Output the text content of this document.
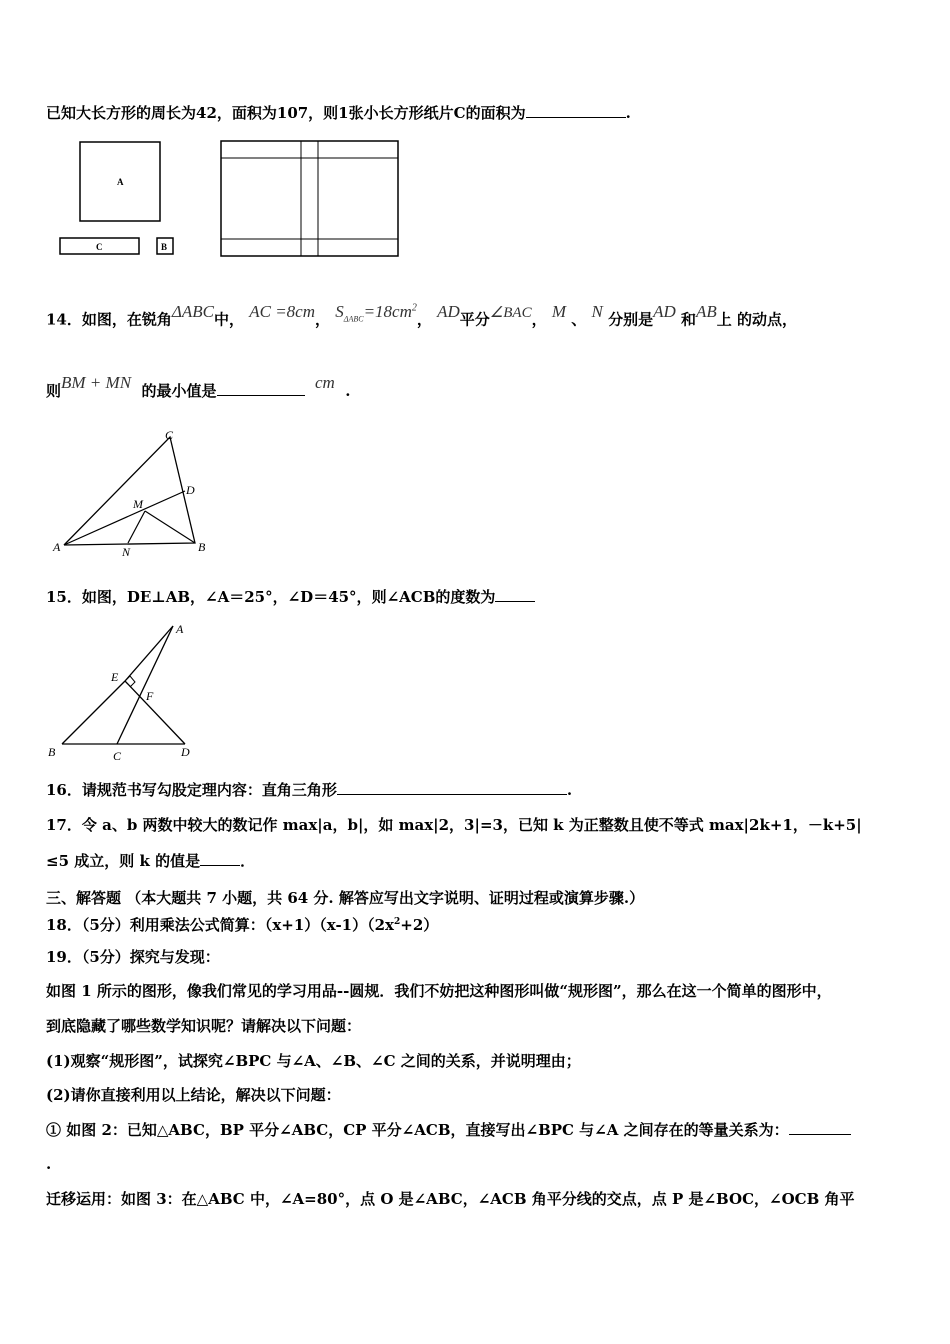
已知大长方形的周长为42，面积为107，则1张小长方形纸片C的面积为	.
A
C	B
14．如图，在锐角ΔABC中， AC =8cm， $S_{\Delta ABC}=18cm^2$， AD平分∠BAC， M 、 N 分别是AD 和AB上 的动点，
则BM + MN 的最小值是	cm .
C
D
M
A	N	B
15．如图，DE⊥AB，∠A＝25°，∠D＝45°，则∠ACB的度数为
A
E
F
B	C	D
16．请规范书写勾股定理内容：直角三角形	.
17．令 a、b 两数中较大的数记作 max|a，b|，如 max|2，3|=3，已知 k 为正整数且使不等式 max|2k+1，－k+5|
≤5 成立，则 k 的值是	．
三、解答题 （本大题共 7 小题，共 64 分. 解答应写出文字说明、证明过程或演算步骤.）
18．（5分）利用乘法公式简算：$(x+1)(x-1)(2x^2+2)$
19．（5分）探究与发现：
如图 1 所示的图形，像我们常见的学习用品--圆规．我们不妨把这种图形叫做“规形图”，那么在这一个简单的图形中，
到底隐藏了哪些数学知识呢？请解决以下问题：
(1)观察“规形图”，试探究∠BPC 与∠A、∠B、∠C 之间的关系，并说明理由；
(2)请你直接利用以上结论，解决以下问题：
① 如图 2：已知△ABC，BP 平分∠ABC，CP 平分∠ACB，直接写出∠BPC 与∠A 之间存在的等量关系为：
.
迁移运用：如图 3：在△ABC 中，∠A=80°，点 O 是∠ABC，∠ACB 角平分线的交点，点 P 是∠BOC，∠OCB 角平
